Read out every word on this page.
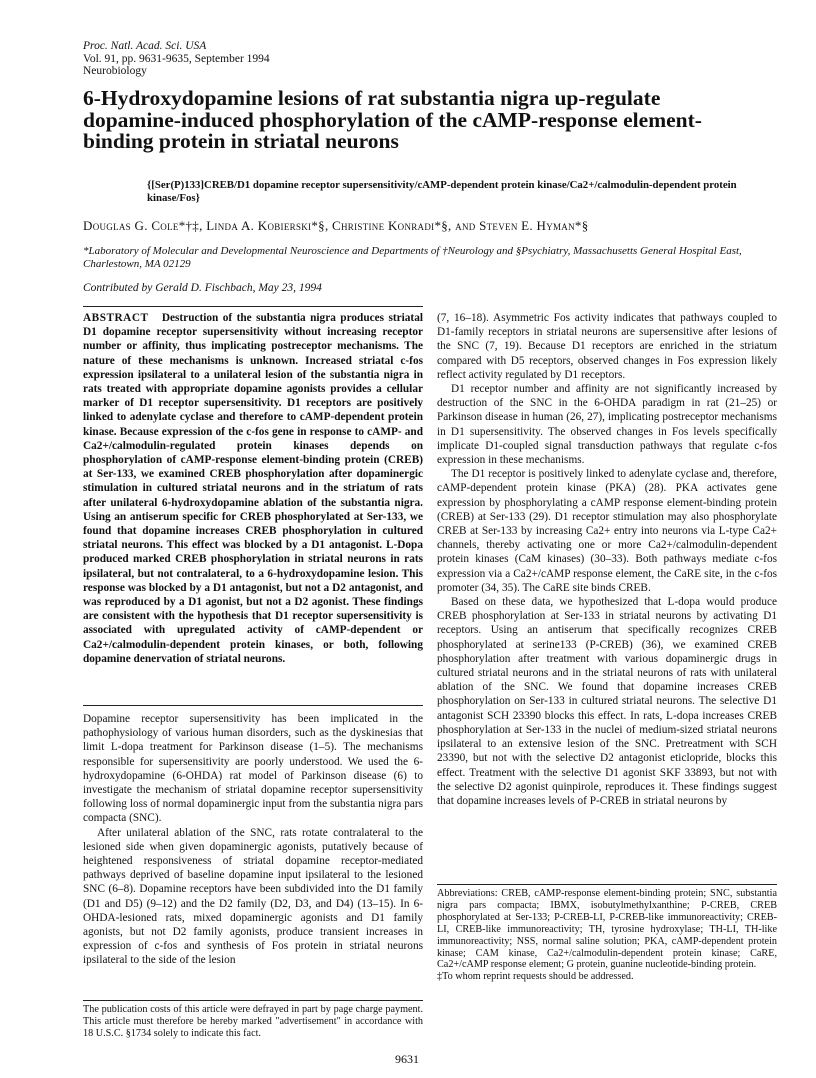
Proc. Natl. Acad. Sci. USA
Vol. 91, pp. 9631-9635, September 1994
Neurobiology
6-Hydroxydopamine lesions of rat substantia nigra up-regulate dopamine-induced phosphorylation of the cAMP-response element-binding protein in striatal neurons
{[Ser(P)133]CREB/D1 dopamine receptor supersensitivity/cAMP-dependent protein kinase/Ca2+/calmodulin-dependent protein kinase/Fos}
Douglas G. Cole*†‡, Linda A. Kobierski*§, Christine Konradi*§, and Steven E. Hyman*§
*Laboratory of Molecular and Developmental Neuroscience and Departments of †Neurology and §Psychiatry, Massachusetts General Hospital East, Charlestown, MA 02129
Contributed by Gerald D. Fischbach, May 23, 1994

ABSTRACT Destruction of the substantia nigra produces striatal D1 dopamine receptor supersensitivity without increasing receptor number or affinity, thus implicating postreceptor mechanisms. The nature of these mechanisms is unknown. Increased striatal c-fos expression ipsilateral to a unilateral lesion of the substantia nigra in rats treated with appropriate dopamine agonists provides a cellular marker of D1 receptor supersensitivity. D1 receptors are positively linked to adenylate cyclase and therefore to cAMP-dependent protein kinase. Because expression of the c-fos gene in response to cAMP- and Ca2+/calmodulin-regulated protein kinases depends on phosphorylation of cAMP-response element-binding protein (CREB) at Ser-133, we examined CREB phosphorylation after dopaminergic stimulation in cultured striatal neurons and in the striatum of rats after unilateral 6-hydroxydopamine ablation of the substantia nigra. Using an antiserum specific for CREB phosphorylated at Ser-133, we found that dopamine increases CREB phosphorylation in cultured striatal neurons. This effect was blocked by a D1 antagonist. L-Dopa produced marked CREB phosphorylation in striatal neurons in rats ipsilateral, but not contralateral, to a 6-hydroxydopamine lesion. This response was blocked by a D1 antagonist, but not a D2 antagonist, and was reproduced by a D1 agonist, but not a D2 agonist. These findings are consistent with the hypothesis that D1 receptor supersensitivity is associated with upregulated activity of cAMP-dependent or Ca2+/calmodulin-dependent protein kinases, or both, following dopamine denervation of striatal neurons.

Dopamine receptor supersensitivity has been implicated in the pathophysiology of various human disorders, such as the dyskinesias that limit L-dopa treatment for Parkinson disease (1–5). The mechanisms responsible for supersensitivity are poorly understood. We used the 6-hydroxydopamine (6-OHDA) rat model of Parkinson disease (6) to investigate the mechanism of striatal dopamine receptor supersensitivity following loss of normal dopaminergic input from the substantia nigra pars compacta (SNC).

After unilateral ablation of the SNC, rats rotate contralateral to the lesioned side when given dopaminergic agonists, putatively because of heightened responsiveness of striatal dopamine receptor-mediated pathways deprived of baseline dopamine input ipsilateral to the lesioned SNC (6–8). Dopamine receptors have been subdivided into the D1 family (D1 and D5) (9–12) and the D2 family (D2, D3, and D4) (13–15). In 6-OHDA-lesioned rats, mixed dopaminergic agonists and D1 family agonists, but not D2 family agonists, produce transient increases in expression of c-fos and synthesis of Fos protein in striatal neurons ipsilateral to the side of the lesion

The publication costs of this article were defrayed in part by page charge payment. This article must therefore be hereby marked "advertisement" in accordance with 18 U.S.C. §1734 solely to indicate this fact.

(7, 16–18). Asymmetric Fos activity indicates that pathways coupled to D1-family receptors in striatal neurons are supersensitive after lesions of the SNC (7, 19). Because D1 receptors are enriched in the striatum compared with D5 receptors, observed changes in Fos expression likely reflect activity regulated by D1 receptors.

D1 receptor number and affinity are not significantly increased by destruction of the SNC in the 6-OHDA paradigm in rat (21–25) or Parkinson disease in human (26, 27), implicating postreceptor mechanisms in D1 supersensitivity. The observed changes in Fos levels specifically implicate D1-coupled signal transduction pathways that regulate c-fos expression in these mechanisms.

The D1 receptor is positively linked to adenylate cyclase and, therefore, cAMP-dependent protein kinase (PKA) (28). PKA activates gene expression by phosphorylating a cAMP response element-binding protein (CREB) at Ser-133 (29). D1 receptor stimulation may also phosphorylate CREB at Ser-133 by increasing Ca2+ entry into neurons via L-type Ca2+ channels, thereby activating one or more Ca2+/calmodulin-dependent protein kinases (CaM kinases) (30–33). Both pathways mediate c-fos expression via a Ca2+/cAMP response element, the CaRE site, in the c-fos promoter (34, 35). The CaRE site binds CREB.

Based on these data, we hypothesized that L-dopa would produce CREB phosphorylation at Ser-133 in striatal neurons by activating D1 receptors. Using an antiserum that specifically recognizes CREB phosphorylated at serine133 (P-CREB) (36), we examined CREB phosphorylation after treatment with various dopaminergic drugs in cultured striatal neurons and in the striatal neurons of rats with unilateral ablation of the SNC. We found that dopamine increases CREB phosphorylation on Ser-133 in cultured striatal neurons. The selective D1 antagonist SCH 23390 blocks this effect. In rats, L-dopa increases CREB phosphorylation at Ser-133 in the nuclei of medium-sized striatal neurons ipsilateral to an extensive lesion of the SNC. Pretreatment with SCH 23390, but not with the selective D2 antagonist eticlopride, blocks this effect. Treatment with the selective D1 agonist SKF 33893, but not with the selective D2 agonist quinpirole, reproduces it. These findings suggest that dopamine increases levels of P-CREB in striatal neurons by

Abbreviations: CREB, cAMP-response element-binding protein; SNC, substantia nigra pars compacta; IBMX, isobutylmethylxanthine; P-CREB, CREB phosphorylated at Ser-133; P-CREB-LI, P-CREB-like immunoreactivity; CREB-LI, CREB-like immunoreactivity; TH, tyrosine hydroxylase; TH-LI, TH-like immunoreactivity; NSS, normal saline solution; PKA, cAMP-dependent protein kinase; CAM kinase, Ca2+/calmodulin-dependent protein kinase; CaRE, Ca2+/cAMP response element; G protein, guanine nucleotide-binding protein.

‡To whom reprint requests should be addressed.

9631
